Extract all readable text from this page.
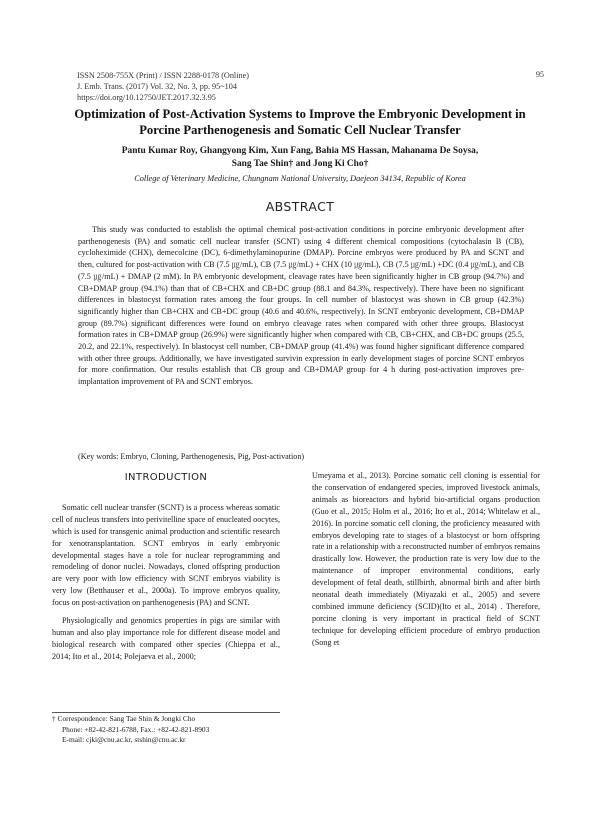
ISSN 2508-755X (Print) / ISSN 2288-0178 (Online)
J. Emb. Trans. (2017) Vol. 32, No. 3, pp. 95~104
https://doi.org/10.12750/JET.2017.32.3.95
95
Optimization of Post-Activation Systems to Improve the Embryonic Development in Porcine Parthenogenesis and Somatic Cell Nuclear Transfer
Pantu Kumar Roy, Ghangyong Kim, Xun Fang, Bahia MS Hassan, Mahanama De Soysa,
Sang Tae Shin† and Jong Ki Cho†
College of Veterinary Medicine, Chungnam National University, Daejeon 34134, Republic of Korea
ABSTRACT
This study was conducted to establish the optimal chemical post-activation conditions in porcine embryonic development after parthenogenesis (PA) and somatic cell nuclear transfer (SCNT) using 4 different chemical compositions (cytochalasin B (CB), cycloheximide (CHX), demecolcine (DC), 6-dimethylaminopurine (DMAP). Porcine embryos were produced by PA and SCNT and then, cultured for post-activation with CB (7.5 ㎍/mL), CB (7.5 ㎍/mL) + CHX (10 ㎍/mL), CB (7.5 ㎍/mL) +DC (0.4 ㎍/mL), and CB (7.5 ㎍/mL) + DMAP (2 mM). In PA embryonic development, cleavage rates have been significantly higher in CB group (94.7%) and CB+DMAP group (94.1%) than that of CB+CHX and CB+DC group (88.1 and 84.3%, respectively). There have been no significant differences in blastocyst formation rates among the four groups. In cell number of blastocyst was shown in CB group (42.3%) significantly higher than CB+CHX and CB+DC group (40.6 and 40.6%, respectively). In SCNT embryonic development, CB+DMAP group (89.7%) significant differences were found on embryo cleavage rates when compared with other three groups. Blastocyst formation rates in CB+DMAP group (26.9%) were significantly higher when compared with CB, CB+CHX, and CB+DC groups (25.5, 20.2, and 22.1%, respectively). In blastocyst cell number, CB+DMAP group (41.4%) was found higher significant difference compared with other three groups. Additionally, we have investigated survivin expression in early development stages of porcine SCNT embryos for more confirmation. Our results establish that CB group and CB+DMAP group for 4 h during post-activation improves pre-implantation improvement of PA and SCNT embryos.
(Key words: Embryo, Cloning, Parthenogenesis, Pig, Post-activation)
INTRODUCTION

Somatic cell nuclear transfer (SCNT) is a process whereas somatic cell of nucleus transfers into perivitelline space of enucleated oocytes, which is used for transgenic animal production and scientific research for xenotransplantation. SCNT embryos in early embryonic developmental stages have a role for nuclear reprogramming and remodeling of donor nuclei. Nowadays, cloned offspring production are very poor with low efficiency with SCNT embryos viability is very low (Betthauser et al., 2000a). To improve embryos quality, focus on post-activation on parthenogenesis (PA) and SCNT.

Physiologically and genomics properties in pigs are similar with human and also play importance role for different disease model and biological research with compared other species (Chieppa et al., 2014; Ito et al., 2014; Polejaeva et al., 2000;

Umeyama et al., 2013). Porcine somatic cell cloning is essential for the conservation of endangered species, improved livestock animals, animals as bioreactors and hybrid bio-artificial organs production (Guo et al., 2015; Holm et al., 2016; Ito et al., 2014; Whitelaw et al., 2016). In porcine somatic cell cloning, the proficiency measured with embryos developing rate to stages of a blastocyst or born offspring rate in a relationship with a reconstructed number of embryos remains drastically low. However, the production rate is very low due to the maintenance of improper environmental conditions, early development of fetal death, stillbirth, abnormal birth and after birth neonatal death immediately (Miyazaki et al., 2005) and severe combined immune deficiency (SCID)(Ito et al., 2014) . Therefore, porcine cloning is very important in practical field of SCNT technique for developing efficient procedure of embryo production (Song et

† Correspondence: Sang Tae Shin & Jongki Cho
Phone: +82-42-821-6788, Fax.: +82-42-821-8903
E-mail: cjki@cnu.ac.kr, stshin@cnu.ac.kr
